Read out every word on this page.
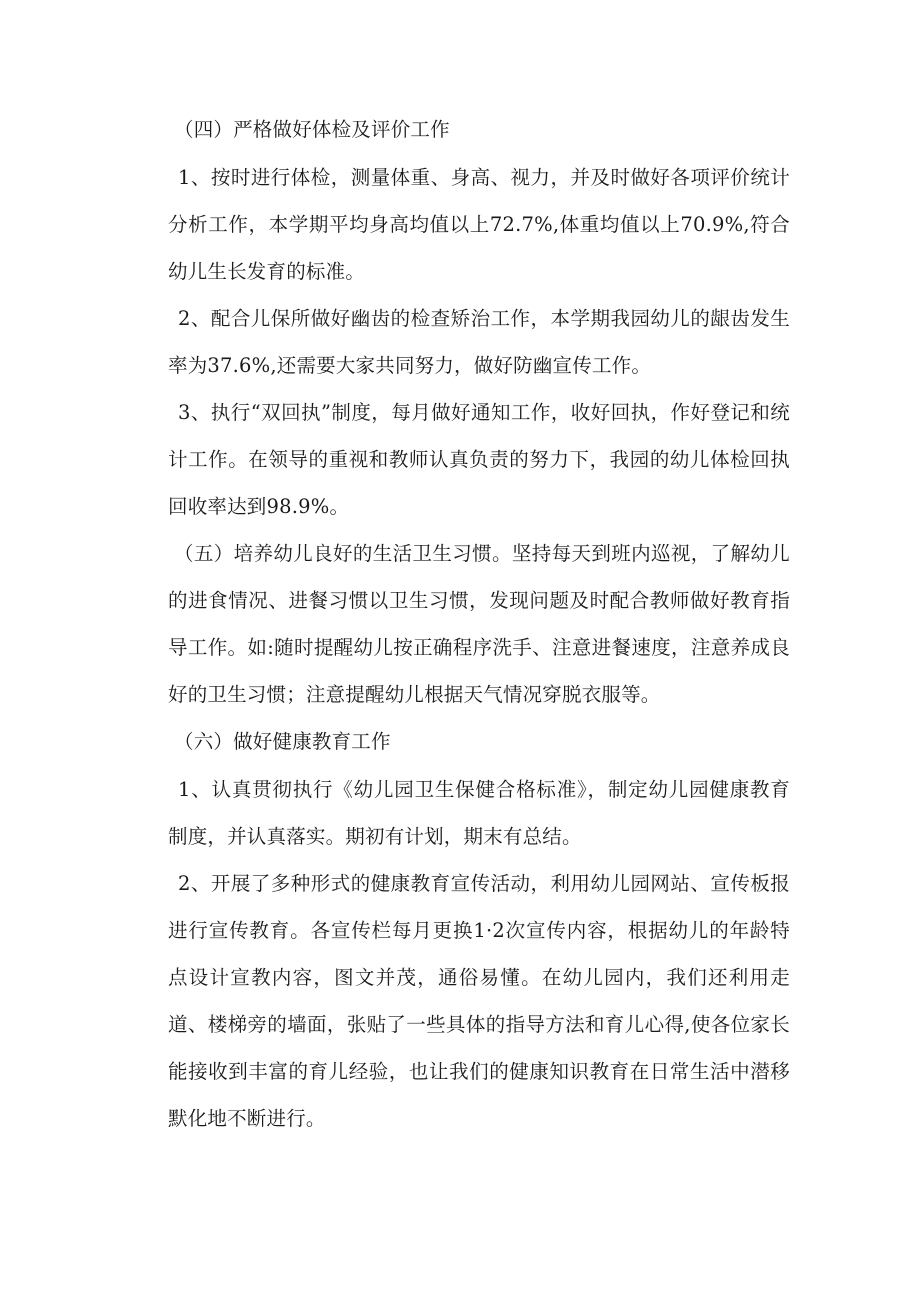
（四）严格做好体检及评价工作

1、按时进行体检，测量体重、身高、视力，并及时做好各项评价统计分析工作，本学期平均身高均值以上72.7%,体重均值以上70.9%,符合幼儿生长发育的标准。

2、配合儿保所做好幽齿的检查矫治工作，本学期我园幼儿的龈齿发生率为37.6%,还需要大家共同努力，做好防幽宣传工作。

3、执行“双回执”制度，每月做好通知工作，收好回执，作好登记和统计工作。在领导的重视和教师认真负责的努力下，我园的幼儿体检回执回收率达到98.9%。

（五）培养幼儿良好的生活卫生习惯。坚持每天到班内巡视，了解幼儿的进食情况、进餐习惯以卫生习惯，发现问题及时配合教师做好教育指导工作。如:随时提醒幼儿按正确程序洗手、注意进餐速度，注意养成良好的卫生习惯；注意提醒幼儿根据天气情况穿脱衣服等。

（六）做好健康教育工作

1、认真贯彻执行《幼儿园卫生保健合格标准》，制定幼儿园健康教育制度，并认真落实。期初有计划，期末有总结。

2、开展了多种形式的健康教育宣传活动，利用幼儿园网站、宣传板报进行宣传教育。各宣传栏每月更换1·2次宣传内容，根据幼儿的年龄特点设计宣教内容，图文并茂，通俗易懂。在幼儿园内，我们还利用走道、楼梯旁的墙面，张贴了一些具体的指导方法和育儿心得,使各位家长能接收到丰富的育儿经验，也让我们的健康知识教育在日常生活中潜移默化地不断进行。
